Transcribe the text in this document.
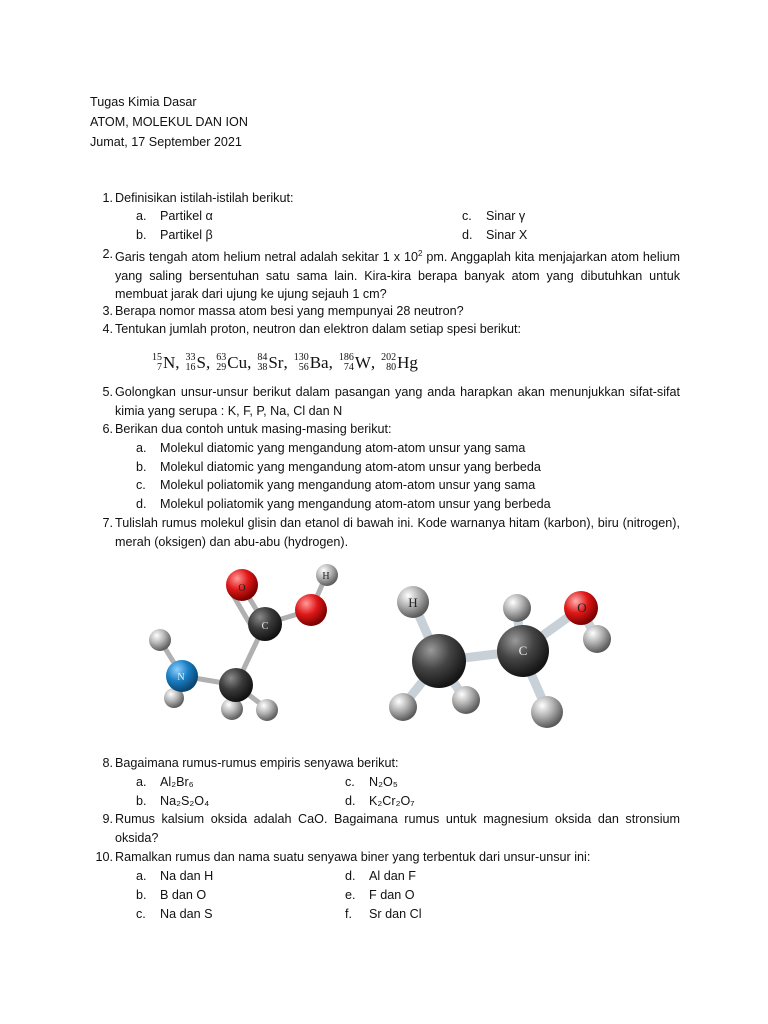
Tugas Kimia Dasar
ATOM, MOLEKUL DAN ION
Jumat, 17 September 2021
1. Definisikan istilah-istilah berikut:
a. Partikel α
b. Partikel β
c. Sinar γ
d. Sinar X
2. Garis tengah atom helium netral adalah sekitar 1 x $10^2$ pm. Anggaplah kita menjajarkan atom helium yang saling bersentuhan satu sama lain. Kira-kira berapa banyak atom yang dibutuhkan untuk membuat jarak dari ujung ke ujung sejauh 1 cm?
3. Berapa nomor massa atom besi yang mempunyai 28 neutron?
4. Tentukan jumlah proton, neutron dan elektron dalam setiap spesi berikut:
15
7 N , 33
16 S , 63
29 Cu , 84
38 Sr , 130
56 Ba , 186
74 W , 202
80 Hg
5. Golongkan unsur-unsur berikut dalam pasangan yang anda harapkan akan menunjukkan sifat-sifat kimia yang serupa : K, F, P, Na, Cl dan N
6. Berikan dua contoh untuk masing-masing berikut:
a. Molekul diatomic yang mengandung atom-atom unsur yang sama
b. Molekul diatomic yang mengandung atom-atom unsur yang berbeda
c. Molekul poliatomik yang mengandung atom-atom unsur yang sama
d. Molekul poliatomik yang mengandung atom-atom unsur yang berbeda
7. Tulislah rumus molekul glisin dan etanol di bawah ini. Kode warnanya hitam (karbon), biru (nitrogen), merah (oksigen) dan abu-abu (hydrogen).
O
H
C
N
H
C
O
8. Bagaimana rumus-rumus empiris senyawa berikut:
a. Al₂Br₆
b. Na₂S₂O₄
c. N₂O₅
d. K₂Cr₂O₇
9. Rumus kalsium oksida adalah CaO. Bagaimana rumus untuk magnesium oksida dan stronsium oksida?
10. Ramalkan rumus dan nama suatu senyawa biner yang terbentuk dari unsur-unsur ini:
a. Na dan H
b. B dan O
c. Na dan S
d. Al dan F
e. F dan O
f. Sr dan Cl
